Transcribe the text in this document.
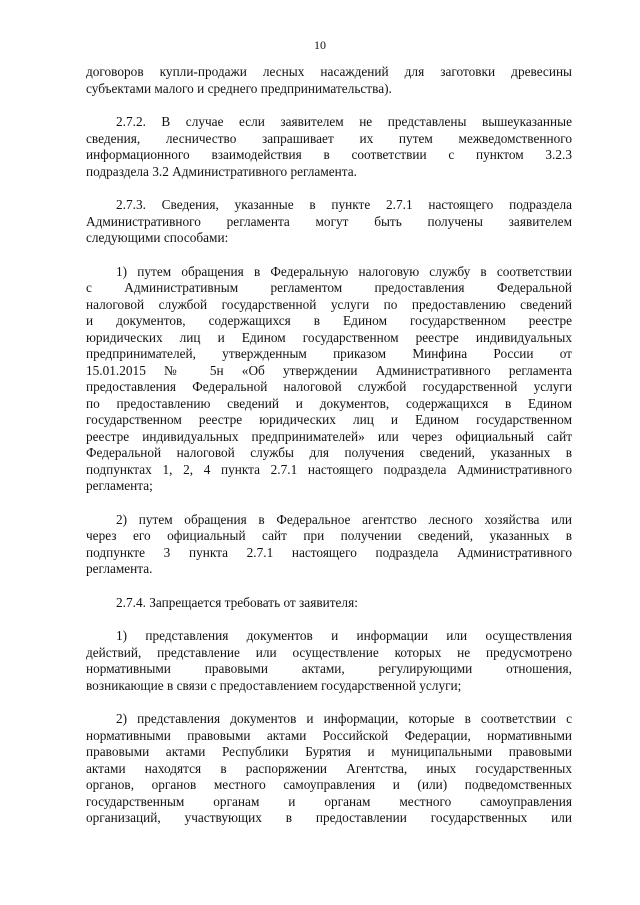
10

договоров купли-продажи лесных насаждений для заготовки древесины
субъектами малого и среднего предпринимательства).

2.7.2. В случае если заявителем не представлены вышеуказанные
сведения, лесничество запрашивает их путем межведомственного
информационного взаимодействия в соответствии с пунктом 3.2.3
подраздела 3.2 Административного регламента.

2.7.3. Сведения, указанные в пункте 2.7.1 настоящего подраздела
Административного регламента могут быть получены заявителем
следующими способами:

1) путем обращения в Федеральную налоговую службу в соответствии
с Административным регламентом предоставления Федеральной
налоговой службой государственной услуги по предоставлению сведений
и документов, содержащихся в Едином государственном реестре
юридических лиц и Едином государственном реестре индивидуальных
предпринимателей, утвержденным приказом Минфина России от
15.01.2015 № 5н «Об утверждении Административного регламента
предоставления Федеральной налоговой службой государственной услуги
по предоставлению сведений и документов, содержащихся в Едином
государственном реестре юридических лиц и Едином государственном
реестре индивидуальных предпринимателей» или через официальный сайт
Федеральной налоговой службы для получения сведений, указанных в
подпунктах 1, 2, 4 пункта 2.7.1 настоящего подраздела Административного
регламента;

2) путем обращения в Федеральное агентство лесного хозяйства или
через его официальный сайт при получении сведений, указанных в
подпункте 3 пункта 2.7.1 настоящего подраздела Административного
регламента.

2.7.4. Запрещается требовать от заявителя:

1) представления документов и информации или осуществления
действий, представление или осуществление которых не предусмотрено
нормативными правовыми актами, регулирующими отношения,
возникающие в связи с предоставлением государственной услуги;

2) представления документов и информации, которые в соответствии с
нормативными правовыми актами Российской Федерации, нормативными
правовыми актами Республики Бурятия и муниципальными правовыми
актами находятся в распоряжении Агентства, иных государственных
органов, органов местного самоуправления и (или) подведомственных
государственным органам и органам местного самоуправления
организаций, участвующих в предоставлении государственных или
